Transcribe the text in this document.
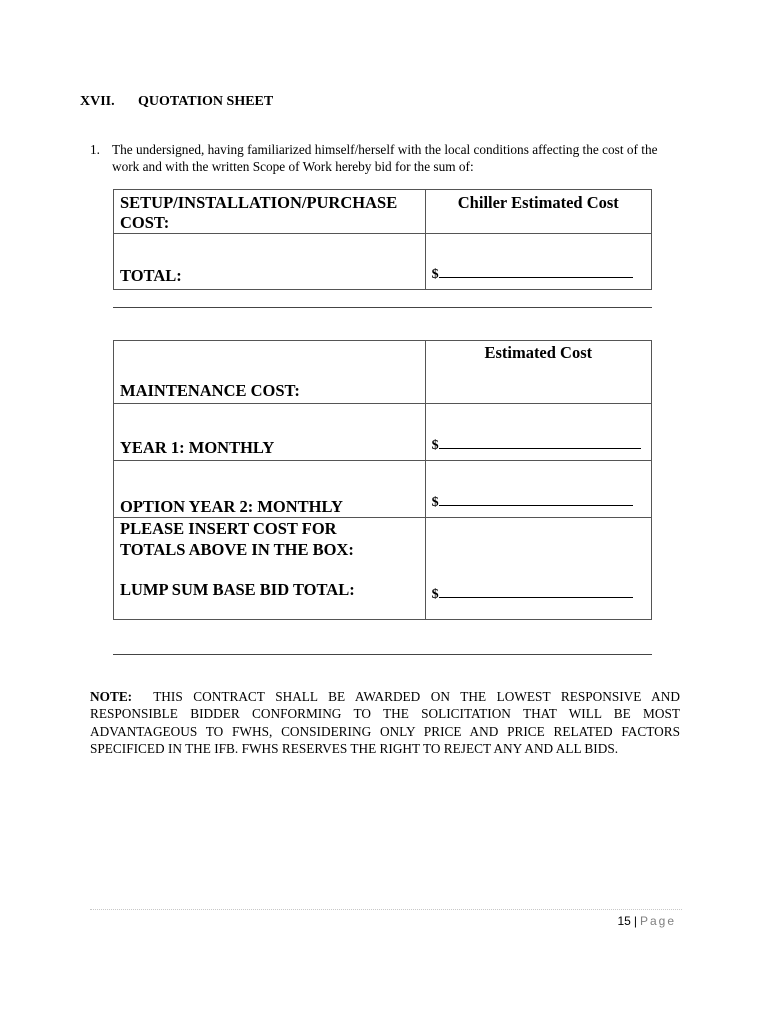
XVII. QUOTATION SHEET
1. The undersigned, having familiarized himself/herself with the local conditions affecting the cost of the work and with the written Scope of Work hereby bid for the sum of:
SETUP/INSTALLATION/PURCHASE COST:	Chiller Estimated Cost
TOTAL:	$
MAINTENANCE COST:	Estimated Cost
YEAR 1: MONTHLY	$
OPTION YEAR 2: MONTHLY	$

PLEASE INSERT COST FOR
TOTALS ABOVE IN THE BOX:
LUMP SUM BASE BID TOTAL:	$
NOTE: THIS CONTRACT SHALL BE AWARDED ON THE LOWEST RESPONSIVE AND RESPONSIBLE BIDDER CONFORMING TO THE SOLICITATION THAT WILL BE MOST ADVANTAGEOUS TO FWHS, CONSIDERING ONLY PRICE AND PRICE RELATED FACTORS SPECIFICED IN THE IFB. FWHS RESERVES THE RIGHT TO REJECT ANY AND ALL BIDS.
15 | Page
